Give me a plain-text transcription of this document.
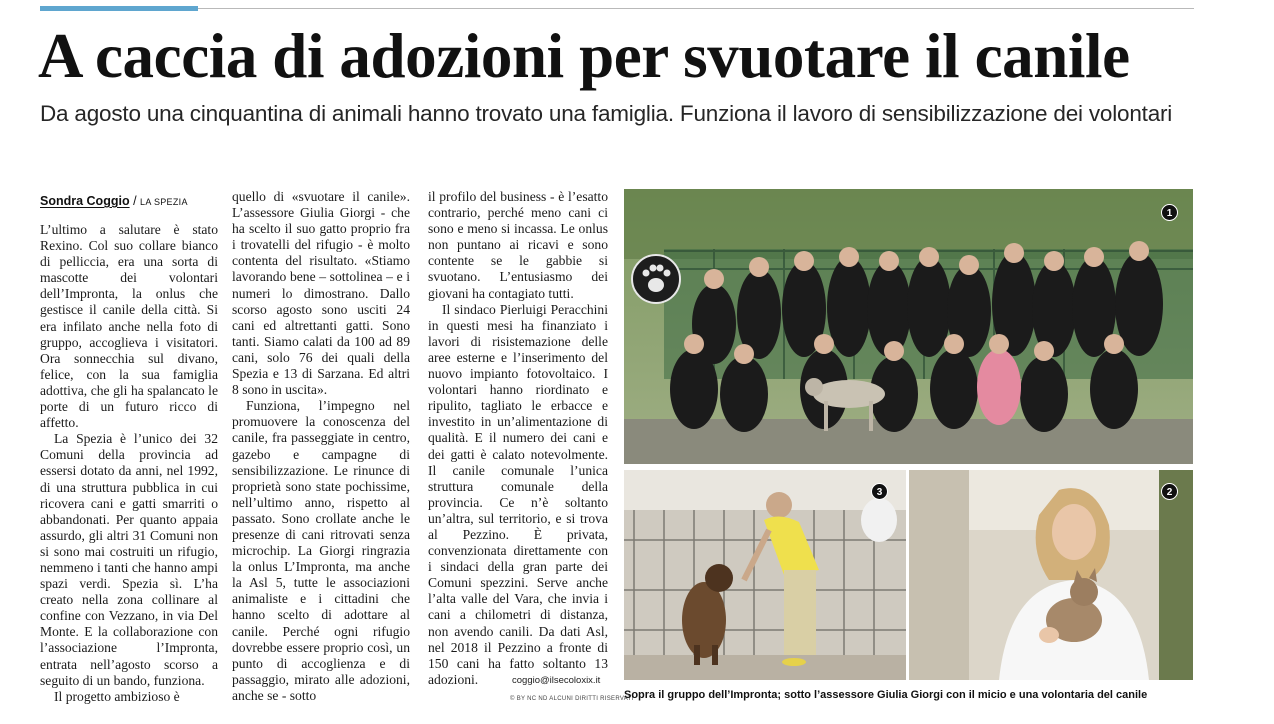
A caccia di adozioni per svuotare il canile
Da agosto una cinquantina di animali hanno trovato una famiglia. Funziona il lavoro di sensibilizzazione dei volontari
Sondra Coggio / LA SPEZIA

L’ultimo a salutare è stato Rexino. Col suo collare bianco di pelliccia, era una sorta di mascotte dei volontari dell’Impronta, la onlus che gestisce il canile della città. Si era infilato anche nella foto di gruppo, accoglieva i visitatori. Ora sonnecchia sul divano, felice, con la sua famiglia adottiva, che gli ha spalancato le porte di un futuro ricco di affetto.

La Spezia è l’unico dei 32 Comuni della provincia ad essersi dotato da anni, nel 1992, di una struttura pubblica in cui ricovera cani e gatti smarriti o abbandonati. Per quanto appaia assurdo, gli altri 31 Comuni non si sono mai costruiti un rifugio, nemmeno i tanti che hanno ampi spazi verdi. Spezia sì. L’ha creato nella zona collinare al confine con Vezzano, in via Del Monte. E la collaborazione con l’associazione l’Impronta, entrata nell’agosto scorso a seguito di un bando, funziona.

Il progetto ambizioso è

quello di «svuotare il canile». L’assessore Giulia Giorgi - che ha scelto il suo gatto proprio fra i trovatelli del rifugio - è molto contenta del risultato. «Stiamo lavorando bene – sottolinea – e i numeri lo dimostrano. Dallo scorso agosto sono usciti 24 cani ed altrettanti gatti. Sono tanti. Siamo calati da 100 ad 89 cani, solo 76 dei quali della Spezia e 13 di Sarzana. Ed altri 8 sono in uscita».

Funziona, l’impegno nel promuovere la conoscenza del canile, fra passeggiate in centro, gazebo e campagne di sensibilizzazione. Le rinunce di proprietà sono state pochissime, nell’ultimo anno, rispetto al passato. Sono crollate anche le presenze di cani ritrovati senza microchip. La Giorgi ringrazia la onlus L’Impronta, ma anche la Asl 5, tutte le associazioni animaliste e i cittadini che hanno scelto di adottare al canile. Perché ogni rifugio dovrebbe essere proprio così, un punto di accoglienza e di passaggio, mirato alle adozioni, anche se - sotto

il profilo del business - è l’esatto contrario, perché meno cani ci sono e meno si incassa. Le onlus non puntano ai ricavi e sono contente se le gabbie si svuotano. L’entusiasmo dei giovani ha contagiato tutti.

Il sindaco Pierluigi Peracchini in questi mesi ha finanziato i lavori di risistemazione delle aree esterne e l’inserimento del nuovo impianto fotovoltaico. I volontari hanno riordinato e ripulito, tagliato le erbacce e investito in un’alimentazione di qualità. E il numero dei cani e dei gatti è calato notevolmente. Il canile comunale l’unica struttura comunale della provincia. Ce n’è soltanto un’altra, sul territorio, e si trova al Pezzino. È privata, convenzionata direttamente con i sindaci della gran parte dei Comuni spezzini. Serve anche l’alta valle del Vara, che invia i cani a chilometri di distanza, non avendo canili. Da dati Asl, nel 2018 il Pezzino a fronte di 150 cani ha fatto soltanto 13 adozioni.	coggio@ilsecoloxix.it
© BY NC ND ALCUNI DIRITTI RISERVATI
1
3	2
Sopra il gruppo dell’Impronta; sotto l’assessore Giulia Giorgi con il micio e una volontaria del canile
